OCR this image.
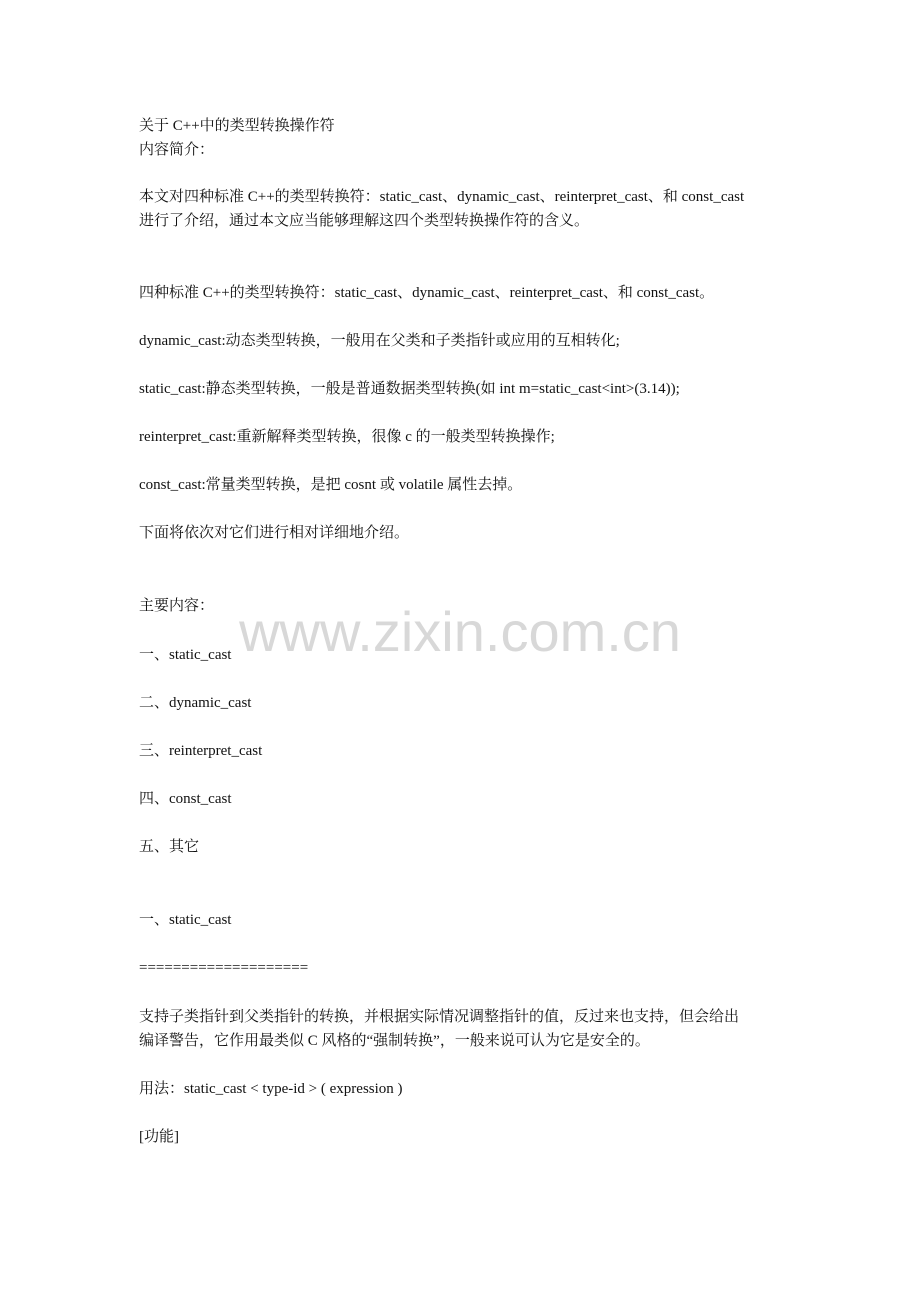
关于 C++中的类型转换操作符

内容简介：

本文对四种标准 C++的类型转换符：static_cast、dynamic_cast、reinterpret_cast、和 const_cast

进行了介绍，通过本文应当能够理解这四个类型转换操作符的含义。

四种标准 C++的类型转换符：static_cast、dynamic_cast、reinterpret_cast、和 const_cast。

dynamic_cast:动态类型转换，一般用在父类和子类指针或应用的互相转化;

static_cast:静态类型转换，一般是普通数据类型转换(如 int m=static_cast<int>(3.14));

reinterpret_cast:重新解释类型转换，很像 c 的一般类型转换操作;

const_cast:常量类型转换，是把 cosnt 或 volatile 属性去掉。

下面将依次对它们进行相对详细地介绍。

主要内容： www.zixin.com.cn

一、static_cast

二、dynamic_cast

三、reinterpret_cast

四、const_cast

五、其它

一、static_cast

====================

支持子类指针到父类指针的转换，并根据实际情况调整指针的值，反过来也支持，但会给出

编译警告，它作用最类似 C 风格的“强制转换”，一般来说可认为它是安全的。

用法：static_cast < type-id > ( expression )

[功能]
